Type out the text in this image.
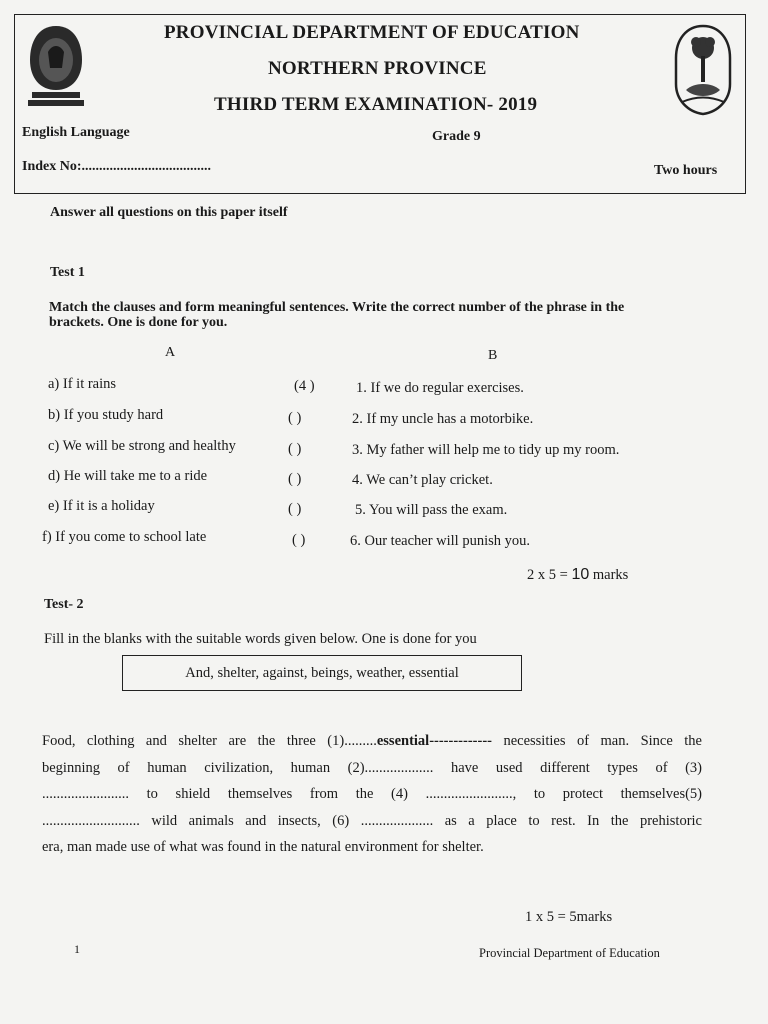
PROVINCIAL DEPARTMENT OF EDUCATION
NORTHERN PROVINCE
THIRD TERM EXAMINATION- 2019
English Language	Grade 9
Index No:.....................................	Two hours
Answer all questions on this paper itself
Test 1
Match the clauses and form meaningful sentences. Write the correct number of the phrase in the
brackets. One is done for you.
A	B
a) If it rains	(4 )	1. If we do regular exercises.
b) If you study hard	( )	2. If my uncle has a motorbike.
c) We will be strong and healthy	( )	3. My father will help me to tidy up my room.
d) He will take me to a ride	( )	4. We can’t play cricket.
e) If it is a holiday	( )	5. You will pass the exam.
f) If you come to school late	( )	6. Our teacher will punish you.
2 x 5 = 10 marks
Test- 2
Fill in the blanks with the suitable words given below. One is done for you
And, shelter, against, beings, weather, essential
Food, clothing and shelter are the three (1).........essential------------- necessities of man. Since the
beginning of human civilization, human (2)................... have used different types of (3)
........................ to shield themselves from the (4) ........................, to protect themselves(5)
........................... wild animals and insects, (6) .................... as a place to rest. In the prehistoric
era, man made use of what was found in the natural environment for shelter.
1 x 5 = 5marks
1	Provincial Department of Education
